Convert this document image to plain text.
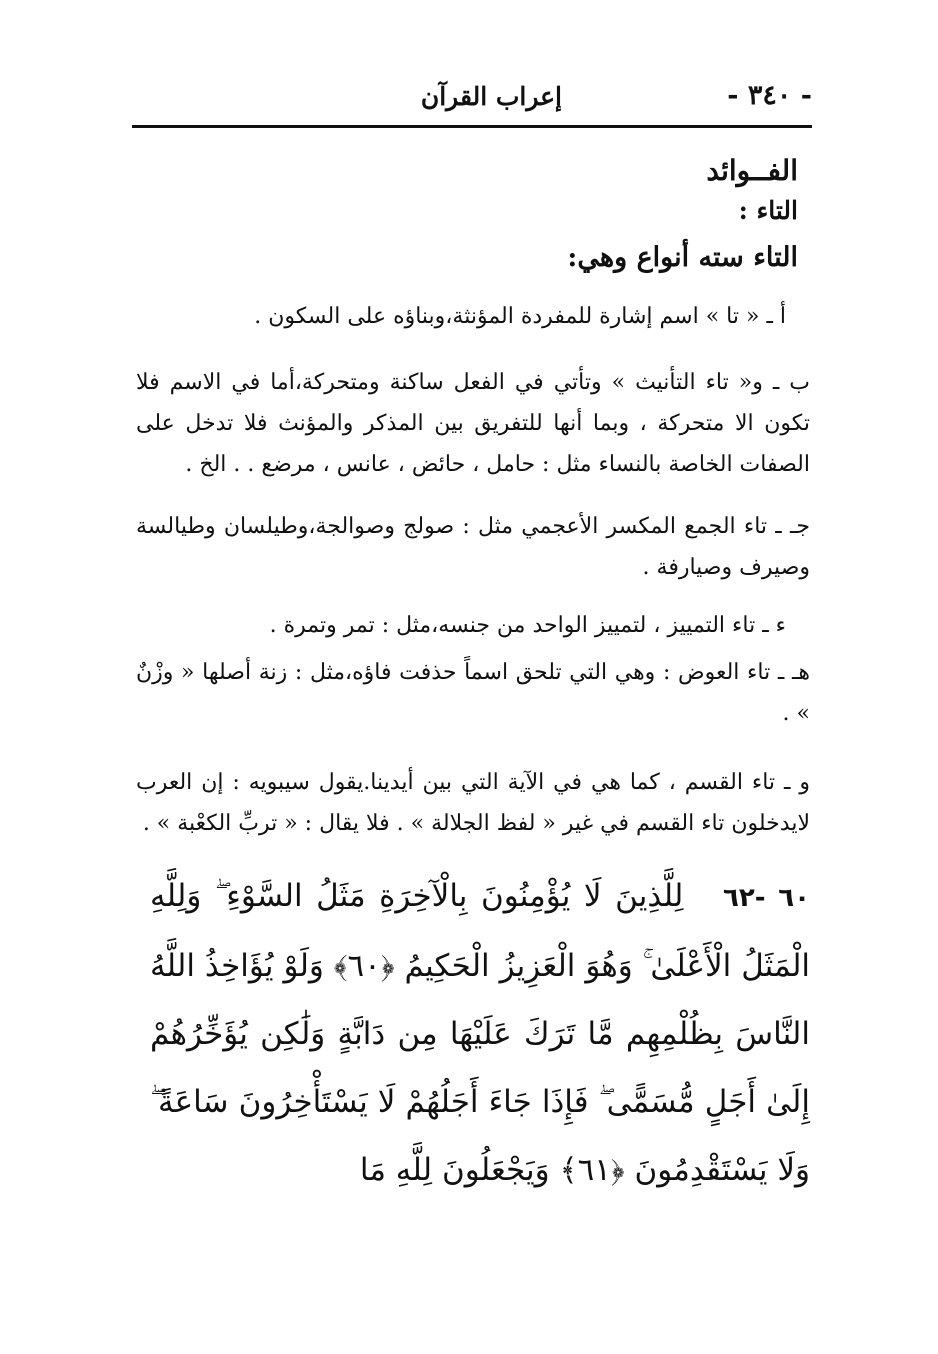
- ٣٤٠ -
إعراب القرآن
الفــوائد
التاء :
التاء سته أنواع وهي:
أ ـ « تا » اسم إشارة للمفردة المؤنثة،وبناؤه على السكون .
ب ـ و« تاء التأنيث » وتأتي في الفعل ساكنة ومتحركة،أما في الاسم فلا تكون الا متحركة ، وبما أنها للتفريق بين المذكر والمؤنث فلا تدخل على الصفات الخاصة بالنساء مثل : حامل ، حائض ، عانس ، مرضع . . الخ .
جـ ـ تاء الجمع المكسر الأعجمي مثل : صولج وصوالجة،وطيلسان وطيالسة وصيرف وصيارفة .
ء ـ تاء التمييز ، لتمييز الواحد من جنسه،مثل : تمر وتمرة .
هـ ـ تاء العوض : وهي التي تلحق اسماً حذفت فاؤه،مثل : زنة أصلها « وزْنٌ » .
و ـ تاء القسم ، كما هي في الآية التي بين أيدينا.يقول سيبويه : إن العرب لايدخلون تاء القسم في غير « لفظ الجلالة » . فلا يقال : « تربِّ الكعْبة » .
٦٠ -٦٢ لِلَّذِينَ لَا يُؤْمِنُونَ بِالْآخِرَةِ مَثَلُ السَّوْءِ ۖ وَلِلَّهِ الْمَثَلُ الْأَعْلَىٰ ۚ وَهُوَ الْعَزِيزُ الْحَكِيمُ ﴿٦٠﴾ وَلَوْ يُؤَاخِذُ اللَّهُ النَّاسَ بِظُلْمِهِم مَّا تَرَكَ عَلَيْهَا مِن دَابَّةٍ وَلَٰكِن يُؤَخِّرُهُمْ إِلَىٰ أَجَلٍ مُّسَمًّى ۖ فَإِذَا جَاءَ أَجَلُهُمْ لَا يَسْتَأْخِرُونَ سَاعَةً ۖ وَلَا يَسْتَقْدِمُونَ ﴿٦١﴾ وَيَجْعَلُونَ لِلَّهِ مَا
